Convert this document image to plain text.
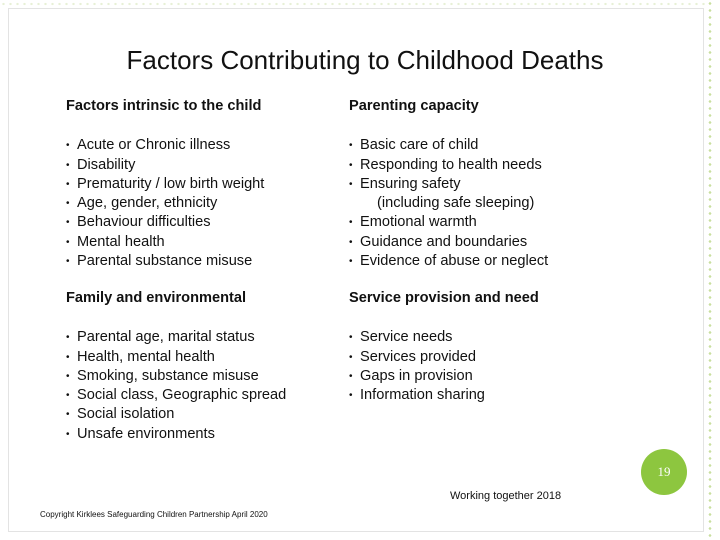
Factors Contributing to Childhood Deaths
Factors intrinsic to the child
• Acute or Chronic illness
• Disability
• Prematurity / low birth weight
• Age, gender, ethnicity
• Behaviour difficulties
• Mental health
• Parental substance misuse
Parenting capacity
• Basic care of child
• Responding to health needs
• Ensuring safety
(including safe sleeping)
• Emotional warmth
• Guidance and boundaries
• Evidence of abuse or neglect
Family and environmental
• Parental age, marital status
• Health, mental health
• Smoking, substance misuse
• Social class, Geographic spread
• Social isolation
• Unsafe environments
Service provision and need
• Service needs
• Services provided
• Gaps in provision
• Information sharing
19
Working together 2018
Copyright Kirklees Safeguarding Children Partnership April 2020
